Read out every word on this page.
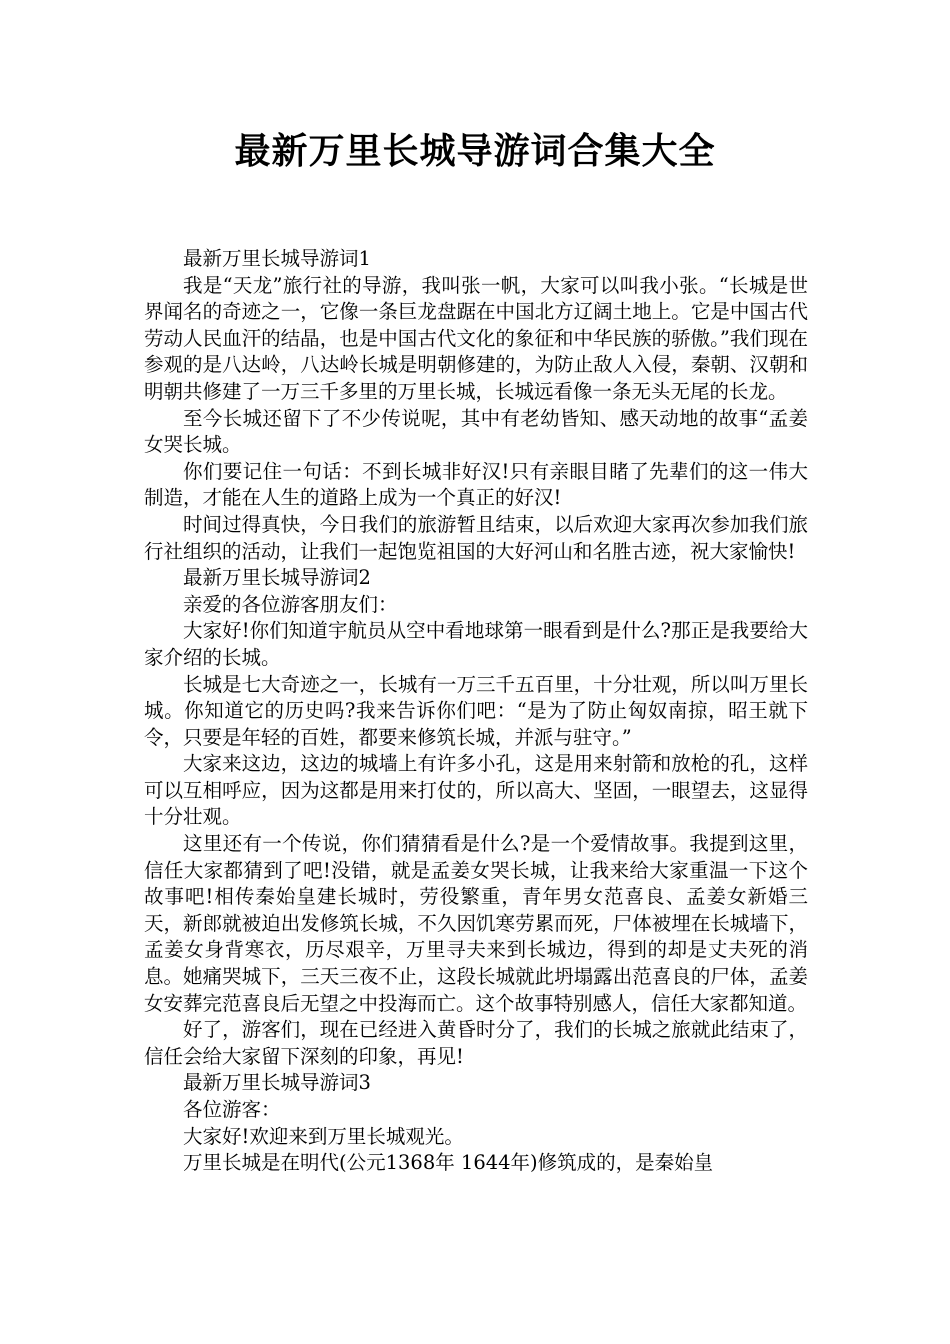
最新万里长城导游词合集大全

最新万里长城导游词1

我是“天龙”旅行社的导游，我叫张一帆，大家可以叫我小张。“长城是世界闻名的奇迹之一，它像一条巨龙盘踞在中国北方辽阔土地上。它是中国古代劳动人民血汗的结晶，也是中国古代文化的象征和中华民族的骄傲。”我们现在参观的是八达岭，八达岭长城是明朝修建的，为防止敌人入侵，秦朝、汉朝和明朝共修建了一万三千多里的万里长城，长城远看像一条无头无尾的长龙。

至今长城还留下了不少传说呢，其中有老幼皆知、感天动地的故事“孟姜女哭长城。

你们要记住一句话：不到长城非好汉!只有亲眼目睹了先辈们的这一伟大制造，才能在人生的道路上成为一个真正的好汉!

时间过得真快，今日我们的旅游暂且结束，以后欢迎大家再次参加我们旅行社组织的活动，让我们一起饱览祖国的大好河山和名胜古迹，祝大家愉快!

最新万里长城导游词2

亲爱的各位游客朋友们：

大家好!你们知道宇航员从空中看地球第一眼看到是什么?那正是我要给大家介绍的长城。

长城是七大奇迹之一，长城有一万三千五百里，十分壮观，所以叫万里长城。你知道它的历史吗?我来告诉你们吧：“是为了防止匈奴南掠，昭王就下令，只要是年轻的百姓，都要来修筑长城，并派与驻守。”

大家来这边，这边的城墙上有许多小孔，这是用来射箭和放枪的孔，这样可以互相呼应，因为这都是用来打仗的，所以高大、坚固，一眼望去，这显得十分壮观。

这里还有一个传说，你们猜猜看是什么?是一个爱情故事。我提到这里，信任大家都猜到了吧!没错，就是孟姜女哭长城，让我来给大家重温一下这个故事吧!相传秦始皇建长城时，劳役繁重，青年男女范喜良、孟姜女新婚三天，新郎就被迫出发修筑长城，不久因饥寒劳累而死，尸体被埋在长城墙下，孟姜女身背寒衣，历尽艰辛，万里寻夫来到长城边，得到的却是丈夫死的消息。她痛哭城下，三天三夜不止，这段长城就此坍塌露出范喜良的尸体，孟姜女安葬完范喜良后无望之中投海而亡。这个故事特别感人，信任大家都知道。

好了，游客们，现在已经进入黄昏时分了，我们的长城之旅就此结束了，信任会给大家留下深刻的印象，再见!

最新万里长城导游词3

各位游客：

大家好!欢迎来到万里长城观光。

万里长城是在明代(公元1368年 1644年)修筑成的，是秦始皇
